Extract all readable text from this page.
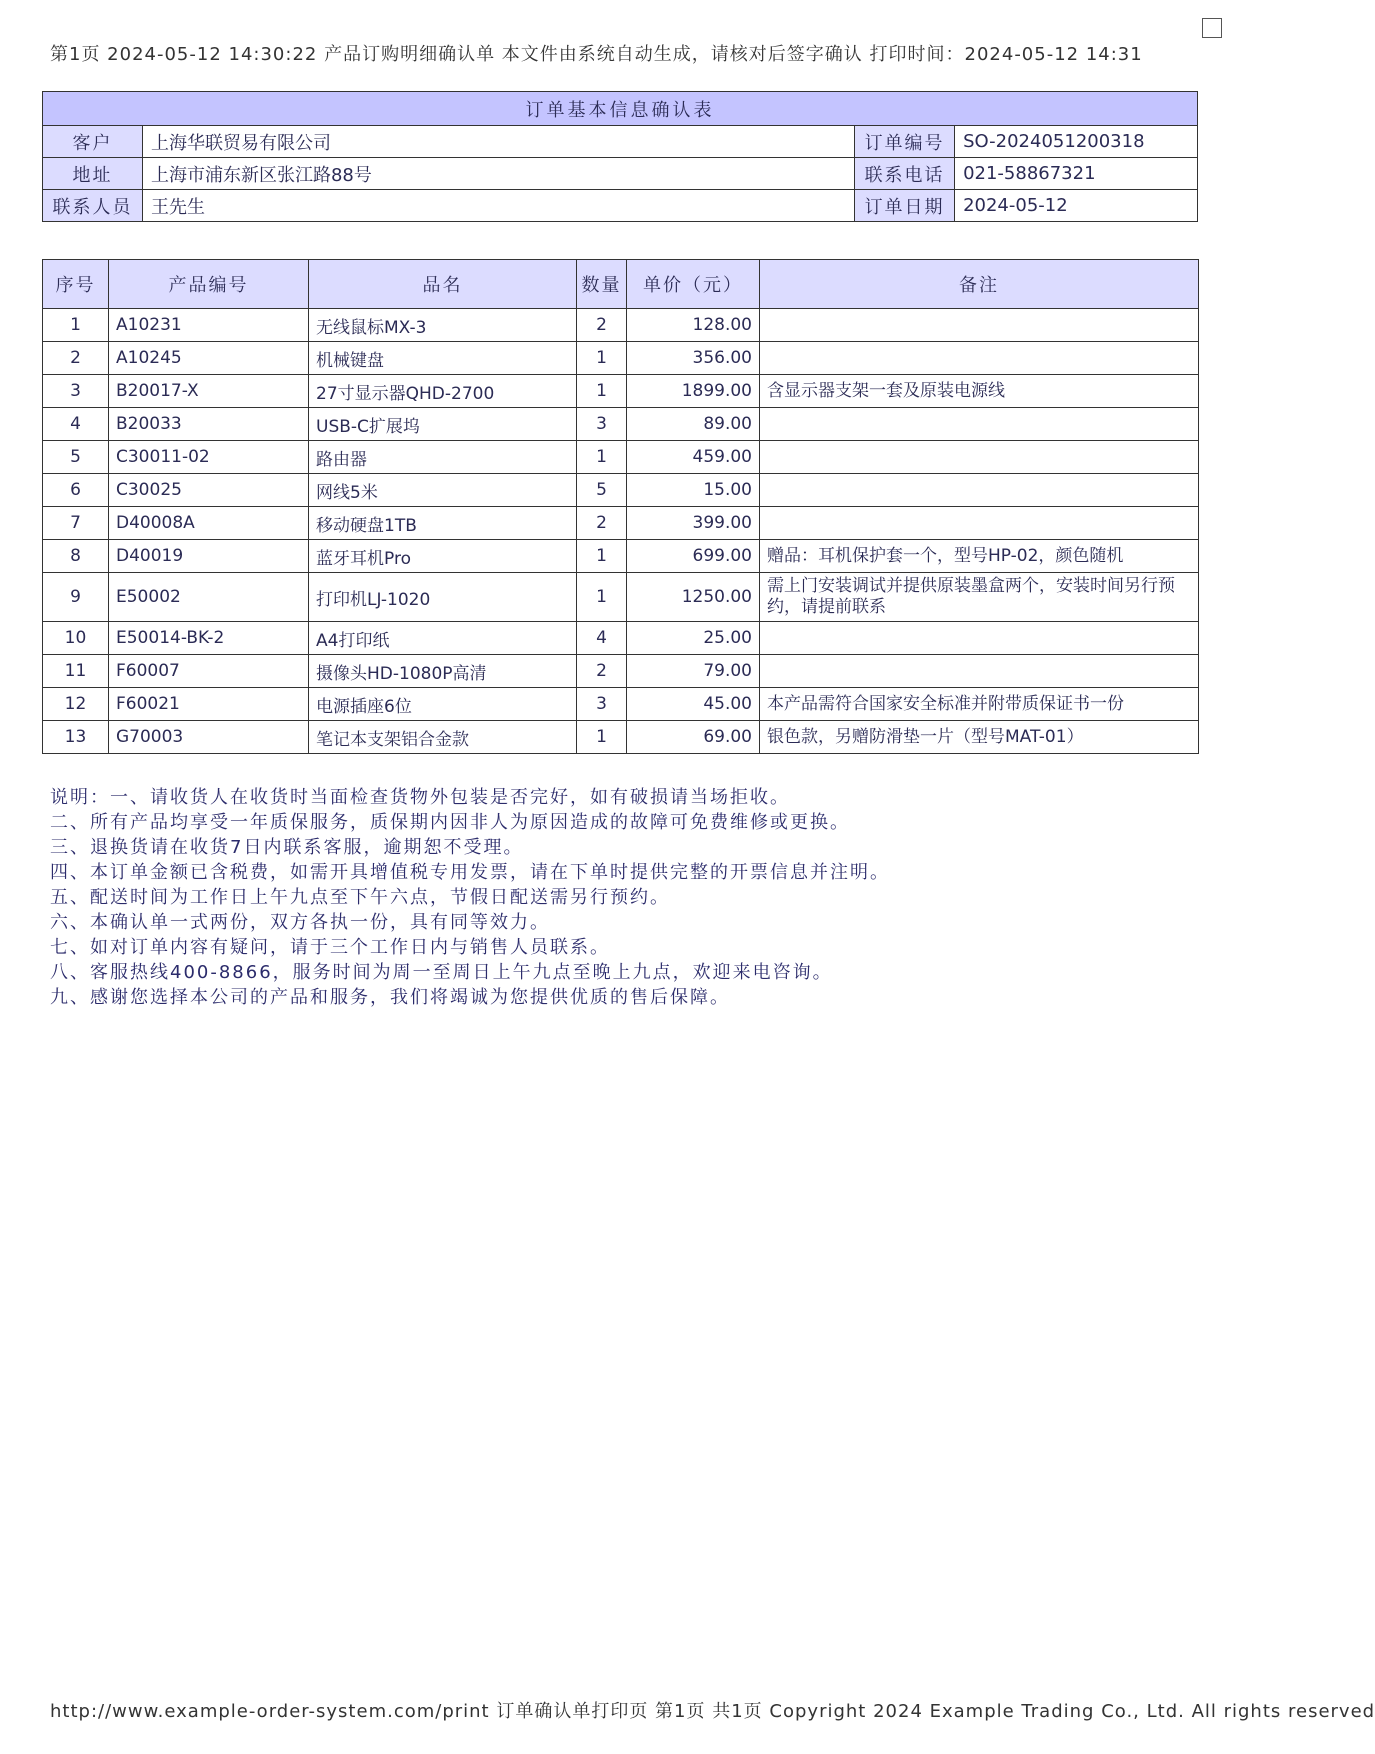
第1页 2024-05-12 14:30:22 产品订购明细确认单 本文件由系统自动生成，请核对后签字确认 打印时间：2024-05-12 14:31
订单基本信息确认表			
客户	上海华联贸易有限公司	订单编号	SO-2024051200318
地址	上海市浦东新区张江路88号	联系电话	021-58867321
联系人员	王先生	订单日期	2024-05-12
序号	产品编号	品名	数量	单价（元）	备注
1	A10231	无线鼠标MX-3	2	128.00	
2	A10245	机械键盘	1	356.00	
3	B20017-X	27寸显示器QHD-2700	1	1899.00	含显示器支架一套及原装电源线
4	B20033	USB-C扩展坞	3	89.00	
5	C30011-02	路由器	1	459.00	
6	C30025	网线5米	5	15.00	
7	D40008A	移动硬盘1TB	2	399.00	
8	D40019	蓝牙耳机Pro	1	699.00	赠品：耳机保护套一个，型号HP-02，颜色随机
9	E50002	打印机LJ-1020	1	1250.00	需上门安装调试并提供原装墨盒两个，安装时间另行预约，请提前联系
10	E50014-BK-2	A4打印纸	4	25.00	
11	F60007	摄像头HD-1080P高清	2	79.00	
12	F60021	电源插座6位	3	45.00	本产品需符合国家安全标准并附带质保证书一份
13	G70003	笔记本支架铝合金款	1	69.00	银色款，另赠防滑垫一片（型号MAT-01）
说明：一、请收货人在收货时当面检查货物外包装是否完好，如有破损请当场拒收。
二、所有产品均享受一年质保服务，质保期内因非人为原因造成的故障可免费维修或更换。
三、退换货请在收货7日内联系客服，逾期恕不受理。
四、本订单金额已含税费，如需开具增值税专用发票，请在下单时提供完整的开票信息并注明。
五、配送时间为工作日上午九点至下午六点，节假日配送需另行预约。
六、本确认单一式两份，双方各执一份，具有同等效力。
七、如对订单内容有疑问，请于三个工作日内与销售人员联系。
八、客服热线400-8866，服务时间为周一至周日上午九点至晚上九点，欢迎来电咨询。
九、感谢您选择本公司的产品和服务，我们将竭诚为您提供优质的售后保障。
http://www.example-order-system.com/print 订单确认单打印页 第1页 共1页 Copyright 2024 Example Trading Co., Ltd. All rights reserved
